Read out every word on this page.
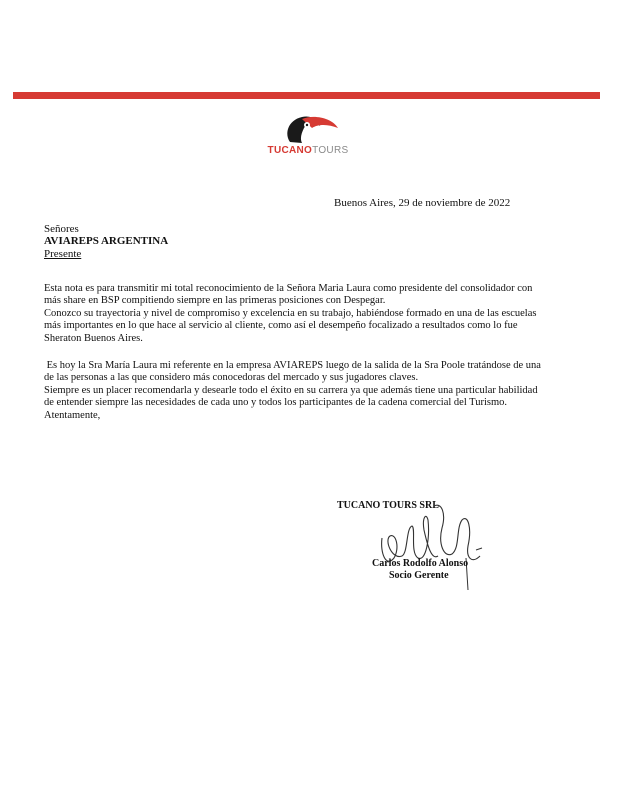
TUCANOTOURS
Buenos Aires, 29 de noviembre de 2022
Señores
AVIAREPS ARGENTINA
Presente
Esta nota es para transmitir mi total reconocimiento de la Señora Maria Laura como presidente del consolidador con
más share en BSP compitiendo siempre en las primeras posiciones con Despegar.
Conozco su trayectoria y nivel de compromiso y excelencia en su trabajo, habiéndose formado en una de las escuelas
más importantes en lo que hace al servicio al cliente, como así el desempeño focalizado a resultados como lo fue
Sheraton Buenos Aires.
Es hoy la Sra María Laura mi referente en la empresa AVIAREPS luego de la salida de la Sra Poole tratándose de una
de las personas a las que considero más conocedoras del mercado y sus jugadores claves.
Siempre es un placer recomendarla y desearle todo el éxito en su carrera ya que además tiene una particular habilidad
de entender siempre las necesidades de cada uno y todos los participantes de la cadena comercial del Turismo.
Atentamente,
TUCANO TOURS SRL
Carlos Rodolfo Alonso
Socio Gerente
